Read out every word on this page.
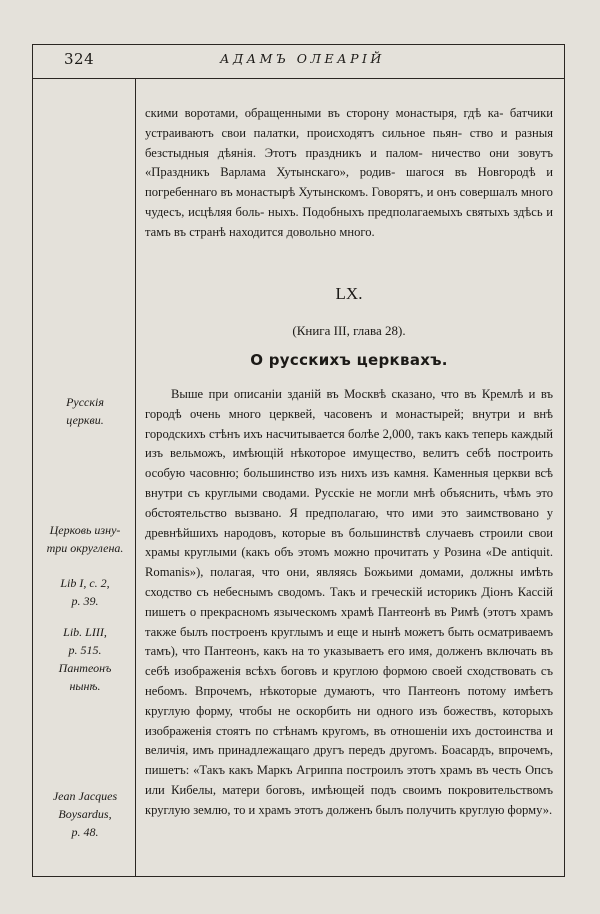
324	АДАМЪ ОЛЕАРІЙ

скими воротами, обращенными въ сторону монастыря, гдѣ ка- батчики устраиваютъ свои палатки, происходятъ сильное пьян- ство и разныя безстыдныя дѣянія. Этотъ праздникъ и палом- ничество они зовутъ «Праздникъ Варлама Хутынскаго», родив- шагося въ Новгородѣ и погребеннаго въ монастырѣ Хутынскомъ. Говорятъ, и онъ совершалъ много чудесъ, исцѣляя боль- ныхъ. Подобныхъ предполагаемыхъ святыхъ здѣсь и тамъ въ странѣ находится довольно много.

LX.
(Книга III, глава 28).
О русскихъ церквахъ.

Выше при описаніи зданій въ Москвѣ сказано, что въ Кремлѣ и въ городѣ очень много церквей, часовенъ и монастырей; внутри и внѣ городскихъ стѣнъ ихъ насчитывается болѣе 2,000, такъ какъ теперь каждый изъ вельможъ, имѣющій нѣкоторое имущество, велитъ себѣ построить особую часовню; большинство изъ нихъ изъ камня. Каменныя церкви всѣ внутри съ круглыми сводами. Русскіе не могли мнѣ объяснить, чѣмъ это обстоятельство вызвано. Я предполагаю, что ими это заимствовано у древнѣйшихъ народовъ, которые въ большинствѣ случаевъ строили свои храмы круглыми (какъ объ этомъ можно прочитать у Розина «De antiquit. Romanis»), полагая, что они, являясь Божьими домами, должны имѣть сходство съ небеснымъ сводомъ. Такъ и греческій историкъ Діонъ Кассій пишетъ о прекрасномъ языческомъ храмѣ Пантеонѣ въ Римѣ (этотъ храмъ также былъ построенъ круглымъ и еще и нынѣ можетъ быть осматриваемъ тамъ), что Пантеонъ, какъ на то указываетъ его имя, долженъ включать въ себѣ изображенія всѣхъ боговъ и круглою формою своей сходствовать съ небомъ. Впрочемъ, нѣкоторые думаютъ, что Пантеонъ потому имѣетъ круглую форму, чтобы не оскорбить ни одного изъ божествъ, которыхъ изображенія стоятъ по стѣнамъ кругомъ, въ отношеніи ихъ достоинства и величія, имъ принадлежащаго другъ передъ другомъ. Боасардъ, впрочемъ, пишетъ: «Такъ какъ Маркъ Агриппа построилъ этотъ храмъ въ честь Опсъ или Кибелы, матери боговъ, имѣющей подъ своимъ покровительствомъ круглую землю, то и храмъ этотъ долженъ былъ получить круглую форму».

Русскія
церкви.
Церковь изну-
три округлена.
Lib I, c. 2,
p. 39.
Lib. LIII,
p. 515.
Пантеонъ
нынѣ.
Jean Jacques
Boysardus,
p. 48.
